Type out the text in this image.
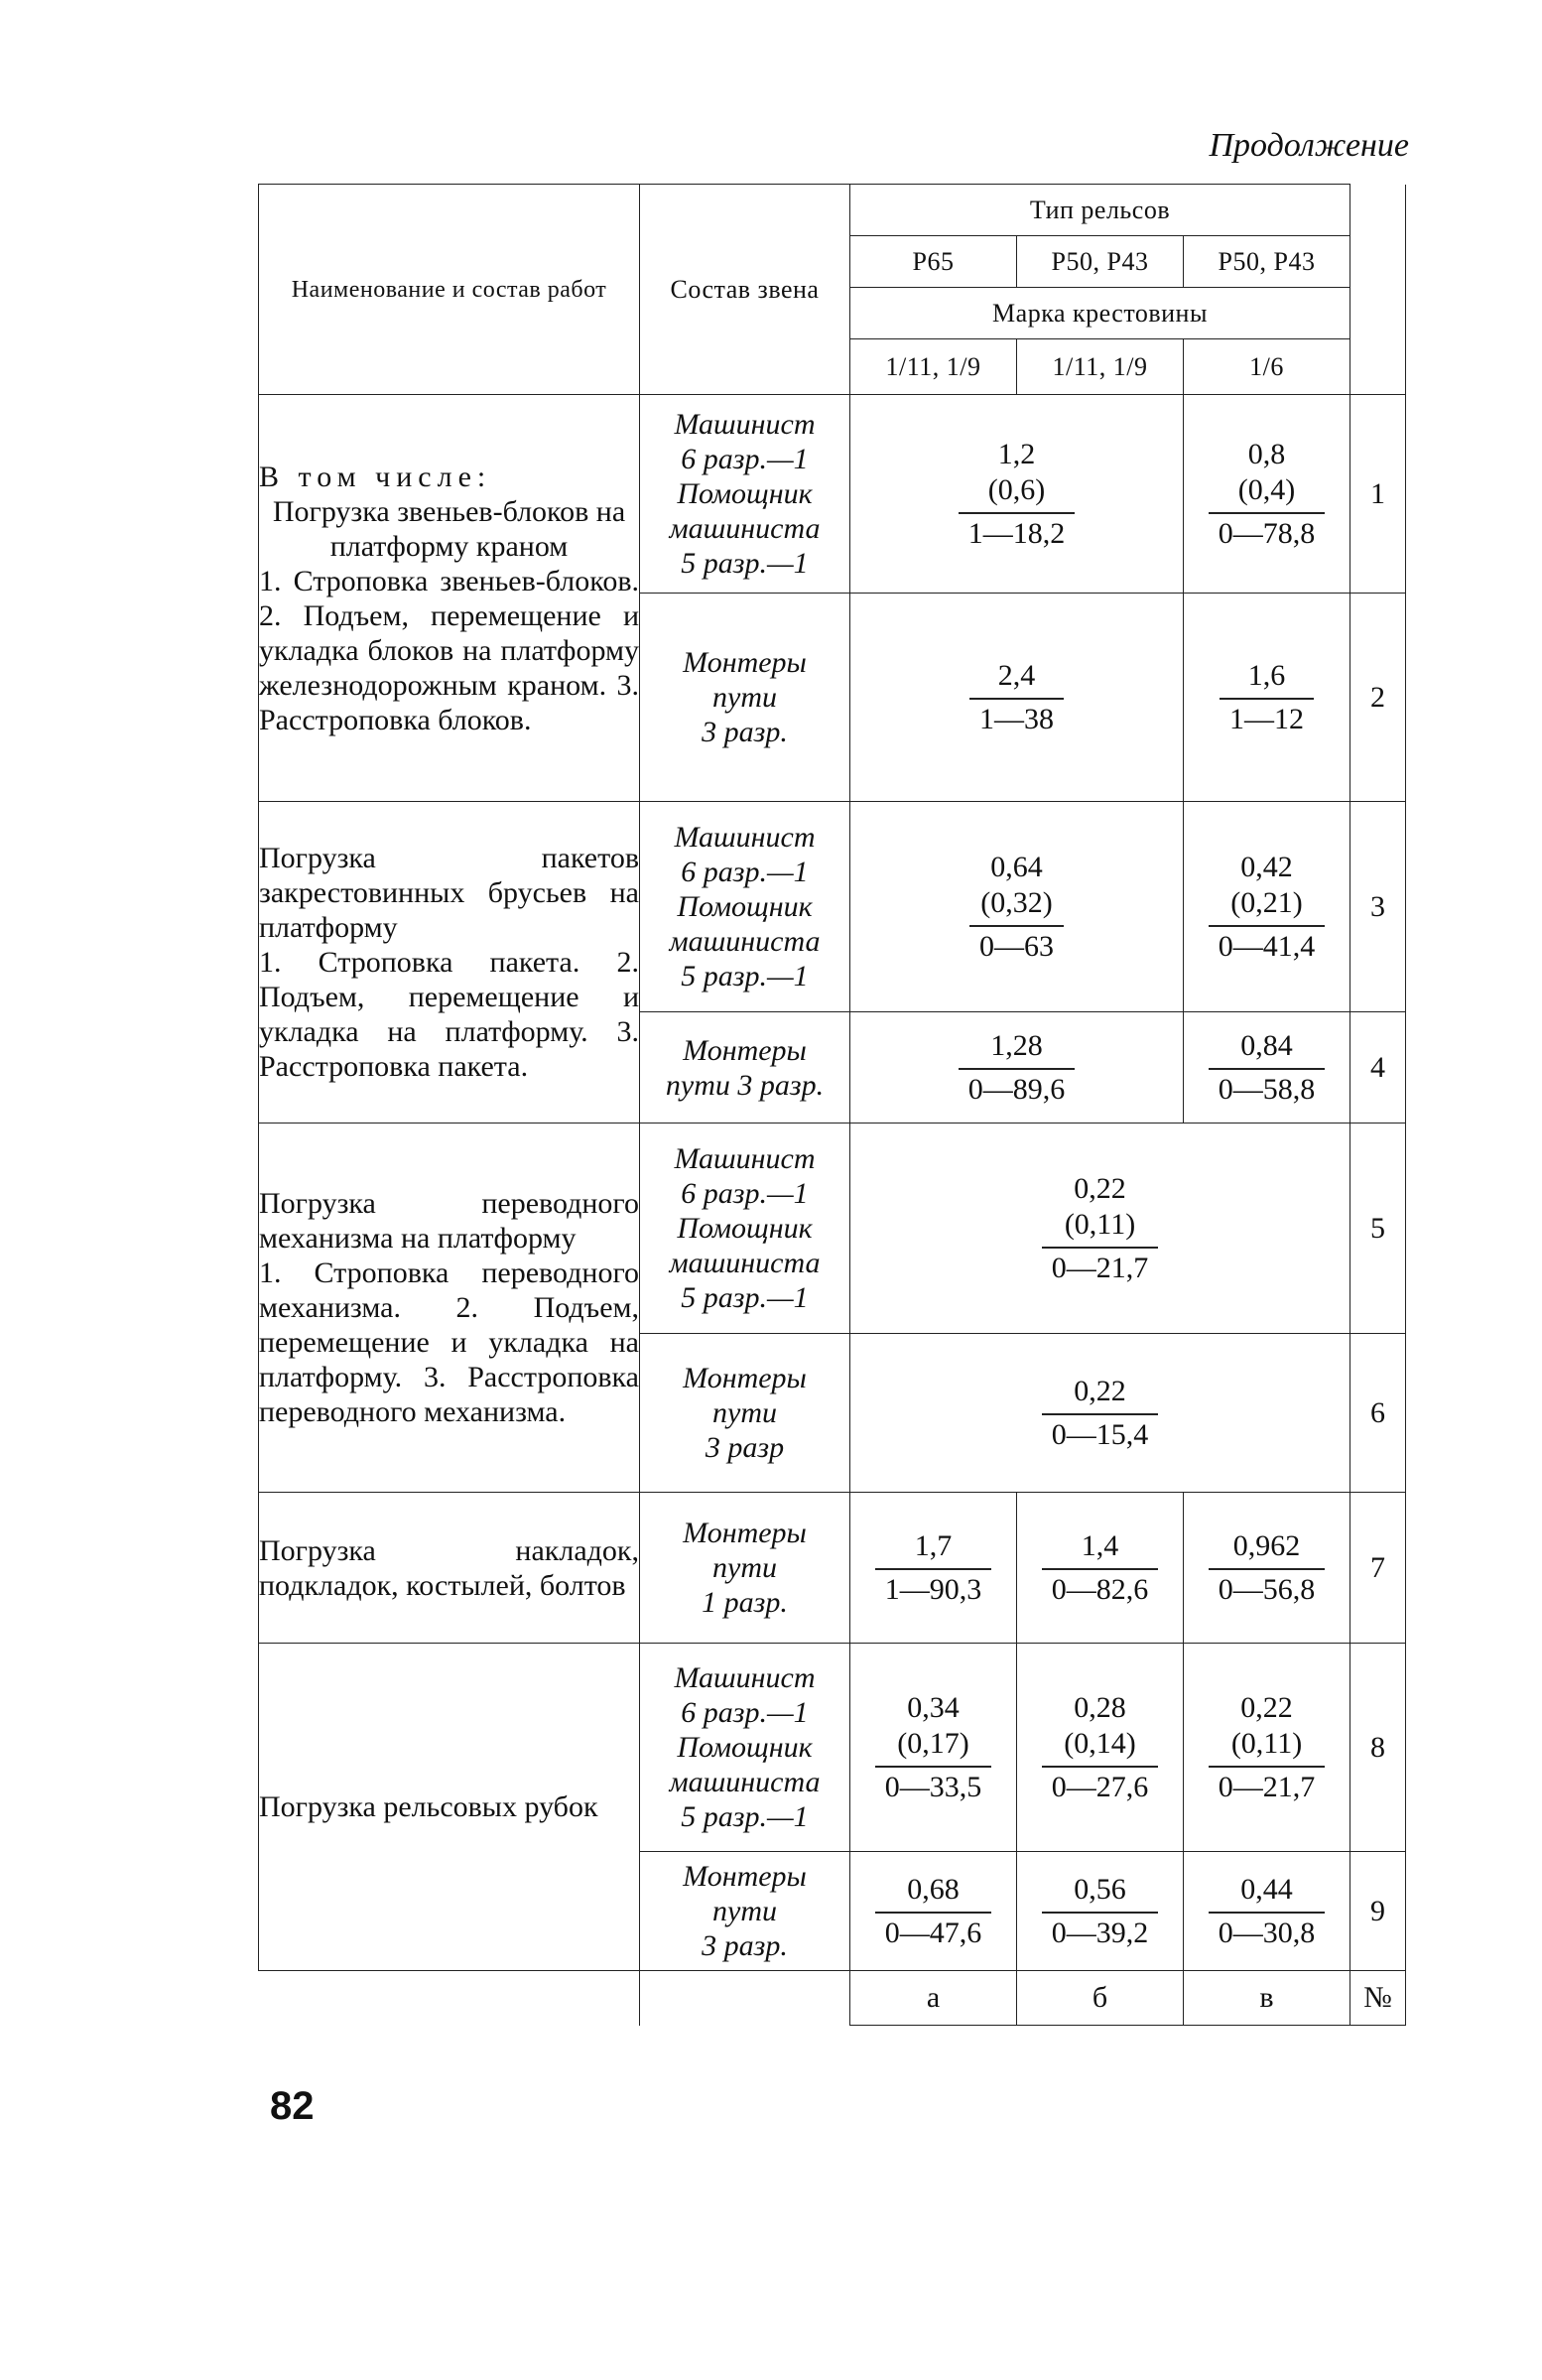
Продолжение
Наименование и состав работ	Состав звена	Тип рельсов			
		Р65	Р50, Р43	Р50, Р43	
		Марка крестовины			
		1/11, 1/9	1/11, 1/9	1/6	

В том числе:
Погрузка звеньев-блоков на платформу краном
1. Строповка звеньев-блоков. 2. Подъем, перемещение и укладка блоков на платформу железнодорожным краном. 3. Расстроповка блоков.	Машинист
6 разр.—1
Помощник
машиниста
5 разр.—1	1,2
(0,6)
1—18,2		0,8
(0,4)
0—78,8	1

	Монтеры
пути
3 разр.	$\frac{2,4}{1—38}$		$\frac{1,6}{1—12}$	2

Погрузка пакетов закрестовинных брусьев на платформу
1. Строповка пакета. 2. Подъем, перемещение и укладка на платформу. 3. Расстроповка пакета.	Машинист
6 разр.—1
Помощник
машиниста
5 разр.—1	0,64
(0,32)
0—63		0,42
(0,21)
0—41,4	3

	Монтеры
пути 3 разр.	$\frac{1,28}{0—89,6}$		$\frac{0,84}{0—58,8}$	4

Погрузка переводного механизма на платформу
1. Строповка переводного механизма. 2. Подъем, перемещение и укладка на платформу. 3. Расстроповка переводного механизма.	Машинист
6 разр.—1
Помощник
машиниста
5 разр.—1	0,22
(0,11)
0—21,7			5

	Монтеры
пути
3 разр	$\frac{0,22}{0—15,4}$			6

Погрузка накладок, подкладок, костылей, болтов	Монтеры
пути
1 разр.	$\frac{1,7}{1—90,3}$	$\frac{1,4}{0—82,6}$	$\frac{0,962}{0—56,8}$	7

Погрузка рельсовых рубок	Машинист
6 разр.—1
Помощник
машиниста
5 разр.—1	0,34
(0,17)
0—33,5	0,28
(0,14)
0—27,6	0,22
(0,11)
0—21,7	8

	Монтеры
пути
3 разр.	$\frac{0,68}{0—47,6}$	$\frac{0,56}{0—39,2}$	$\frac{0,44}{0—30,8}$	9
		а	б	в	№
82
